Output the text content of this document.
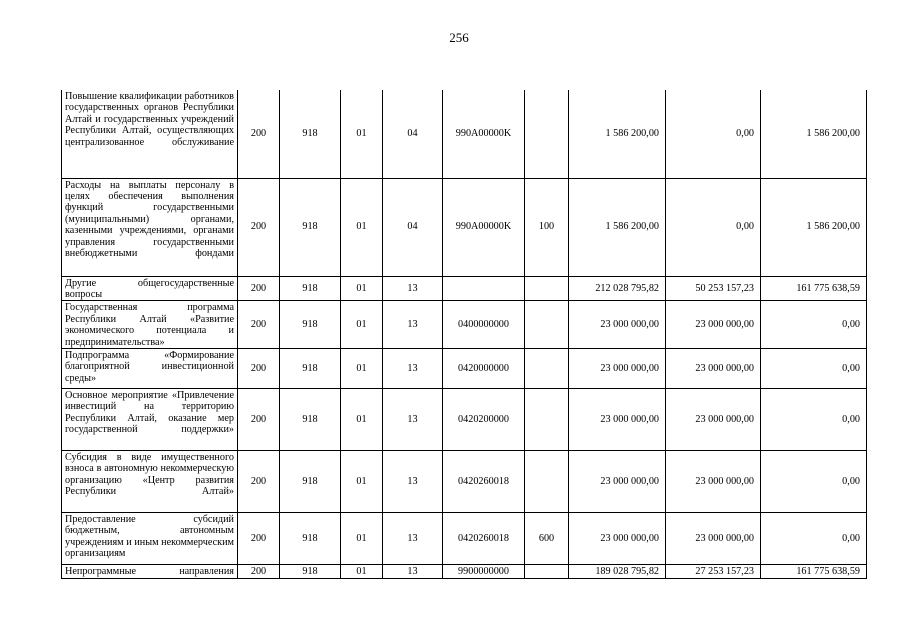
256
Повышение квалификации работников государственных органов Республики Алтай и государственных учреждений Республики Алтай, осуществляющих централизованное обслуживание	200	918	01	04	990A00000K		1 586 200,00	0,00	1 586 200,00
Расходы на выплаты персоналу в целях обеспечения выполнения функций государственными (муниципальными) органами, казенными учреждениями, органами управления государственными внебюджетными фондами	200	918	01	04	990A00000K	100	1 586 200,00	0,00	1 586 200,00
Другие общегосударственные вопросы	200	918	01	13			212 028 795,82	50 253 157,23	161 775 638,59
Государственная программа Республики Алтай «Развитие экономического потенциала и предпринимательства»	200	918	01	13	0400000000		23 000 000,00	23 000 000,00	0,00
Подпрограмма «Формирование благоприятной инвестиционной среды»	200	918	01	13	0420000000		23 000 000,00	23 000 000,00	0,00
Основное мероприятие «Привлечение инвестиций на территорию Республики Алтай, оказание мер государственной поддержки»	200	918	01	13	0420200000		23 000 000,00	23 000 000,00	0,00
Субсидия в виде имущественного взноса в автономную некоммерческую организацию «Центр развития Республики Алтай»	200	918	01	13	0420260018		23 000 000,00	23 000 000,00	0,00
Предоставление субсидий бюджетным, автономным учреждениям и иным некоммерческим организациям	200	918	01	13	0420260018	600	23 000 000,00	23 000 000,00	0,00
Непрограммные направления	200	918	01	13	9900000000		189 028 795,82	27 253 157,23	161 775 638,59
